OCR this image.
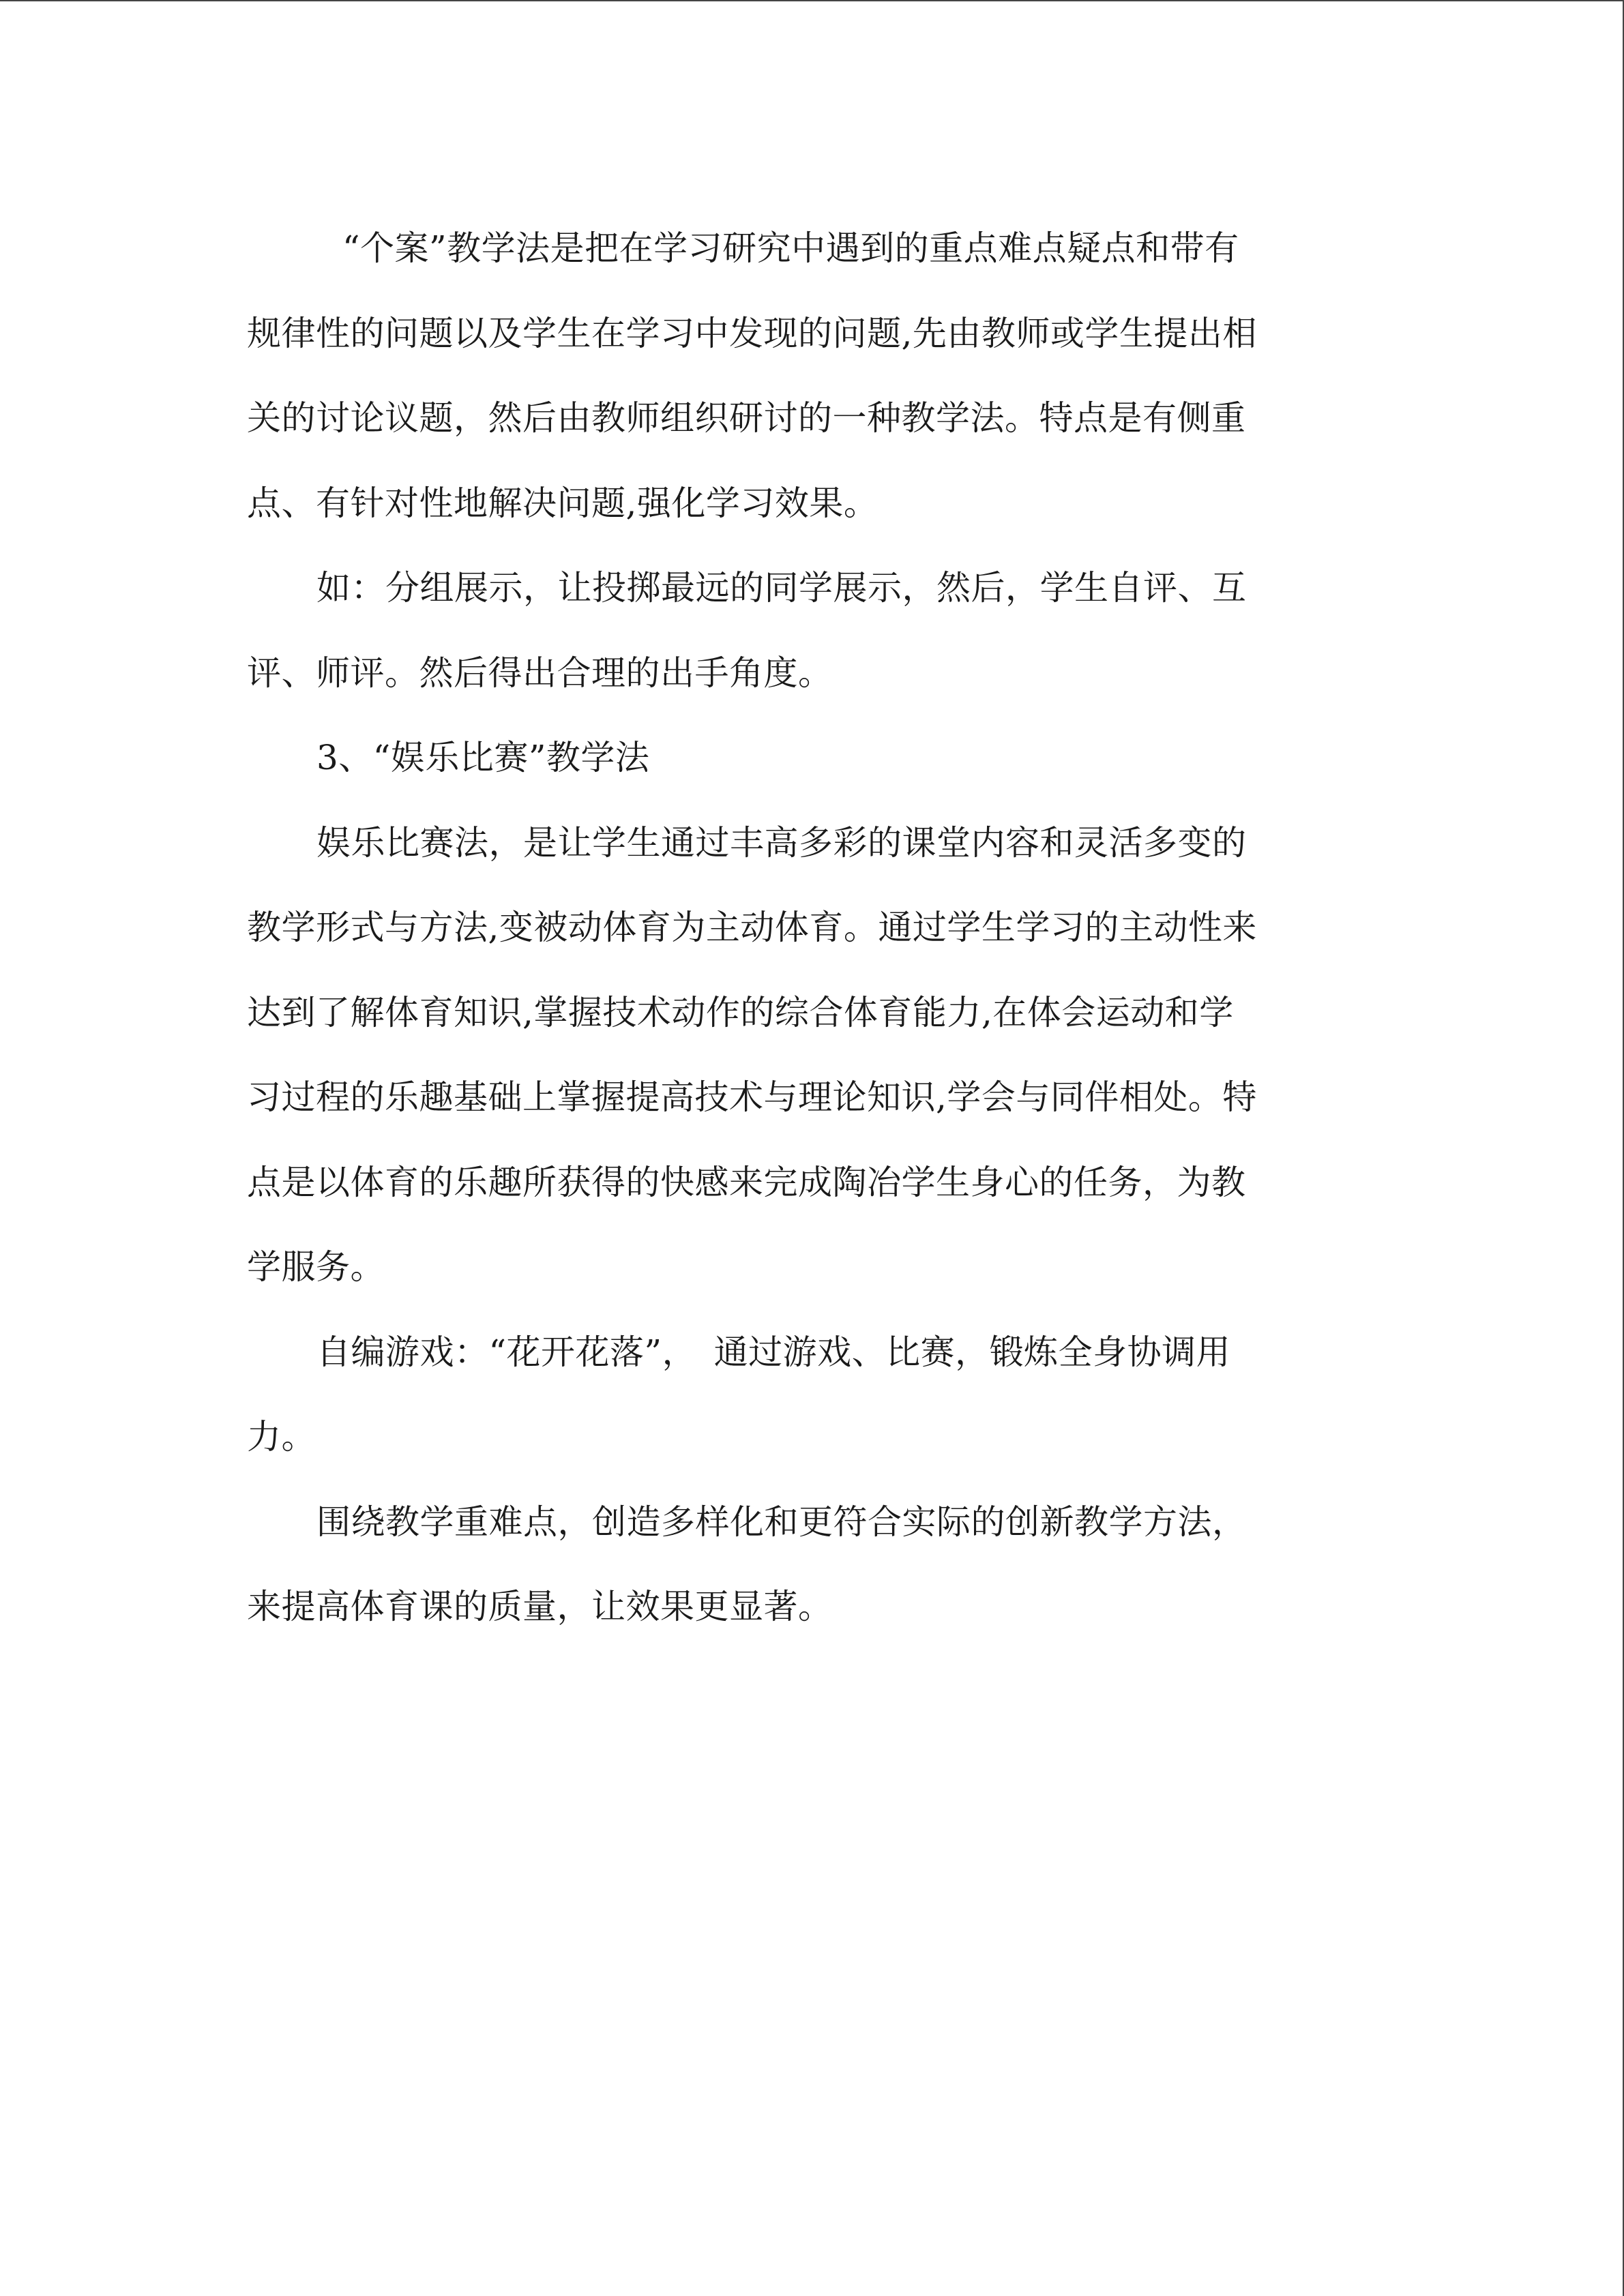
“个案”教学法是把在学习研究中遇到的重点难点疑点和带有
规律性的问题以及学生在学习中发现的问题,先由教师或学生提出相
关的讨论议题，然后由教师组织研讨的一种教学法。特点是有侧重
点、有针对性地解决问题,强化学习效果。
如：分组展示，让投掷最远的同学展示，然后，学生自评、互
评、师评。然后得出合理的出手角度。
3、“娱乐比赛”教学法
娱乐比赛法，是让学生通过丰高多彩的课堂内容和灵活多变的
教学形式与方法,变被动体育为主动体育。通过学生学习的主动性来
达到了解体育知识,掌握技术动作的综合体育能力,在体会运动和学
习过程的乐趣基础上掌握提高技术与理论知识,学会与同伴相处。特
点是以体育的乐趣所获得的快感来完成陶冶学生身心的任务，为教
学服务。
自编游戏：“花开花落”，　通过游戏、比赛，锻炼全身协调用
力。
围绕教学重难点，创造多样化和更符合实际的创新教学方法，
来提高体育课的质量，让效果更显著。
